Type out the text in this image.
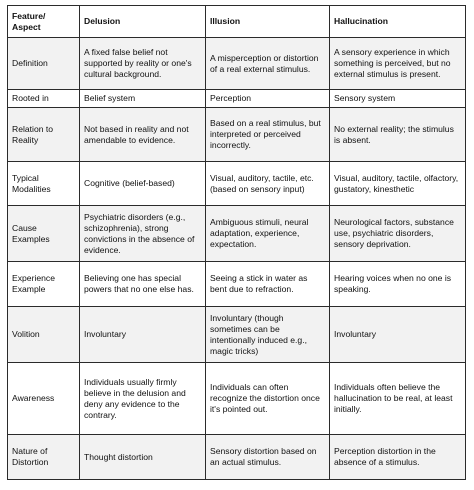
Feature/ Aspect	Delusion	Illusion	Hallucination
Definition	A fixed false belief not supported by reality or one's cultural background.	A misperception or distortion of a real external stimulus.	A sensory experience in which something is perceived, but no external stimulus is present.
Rooted in	Belief system	Perception	Sensory system
Relation to Reality	Not based in reality and not amendable to evidence.	Based on a real stimulus, but interpreted or perceived incorrectly.	No external reality; the stimulus is absent.
Typical Modalities	Cognitive (belief-based)	Visual, auditory, tactile, etc. (based on sensory input)	Visual, auditory, tactile, olfactory, gustatory, kinesthetic
Cause Examples	Psychiatric disorders (e.g., schizophrenia), strong convictions in the absence of evidence.	Ambiguous stimuli, neural adaptation, experience, expectation.	Neurological factors, substance use, psychiatric disorders, sensory deprivation.
Experience Example	Believing one has special powers that no one else has.	Seeing a stick in water as bent due to refraction.	Hearing voices when no one is speaking.
Volition	Involuntary	Involuntary (though sometimes can be intentionally induced e.g., magic tricks)	Involuntary
Awareness	Individuals usually firmly believe in the delusion and deny any evidence to the contrary.	Individuals can often recognize the distortion once it's pointed out.	Individuals often believe the hallucination to be real, at least initially.
Nature of Distortion	Thought distortion	Sensory distortion based on an actual stimulus.	Perception distortion in the absence of a stimulus.
